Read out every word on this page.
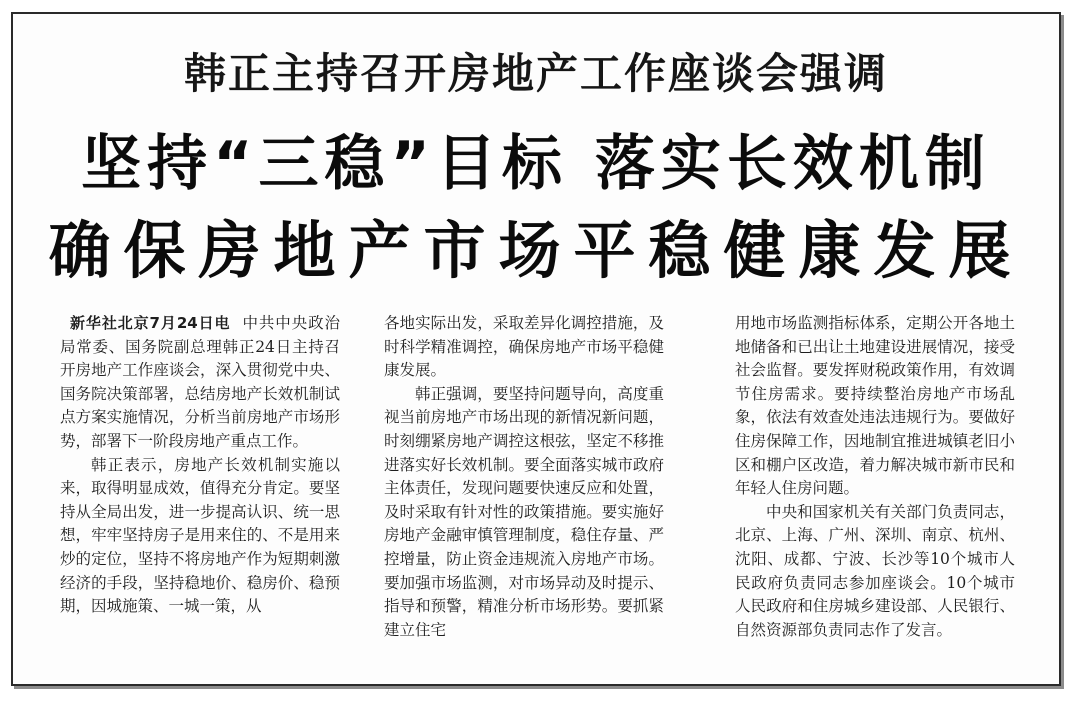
韩正主持召开房地产工作座谈会强调
坚持“三稳”目标 落实长效机制
确保房地产市场平稳健康发展

新华社北京7月24日电 中共中央政治局常委、国务院副总理韩正24日主持召开房地产工作座谈会，深入贯彻党中央、国务院决策部署，总结房地产长效机制试点方案实施情况，分析当前房地产市场形势，部署下一阶段房地产重点工作。

韩正表示，房地产长效机制实施以来，取得明显成效，值得充分肯定。要坚持从全局出发，进一步提高认识、统一思想，牢牢坚持房子是用来住的、不是用来炒的定位，坚持不将房地产作为短期刺激经济的手段，坚持稳地价、稳房价、稳预期，因城施策、一城一策，从

各地实际出发，采取差异化调控措施，及时科学精准调控，确保房地产市场平稳健康发展。

韩正强调，要坚持问题导向，高度重视当前房地产市场出现的新情况新问题，时刻绷紧房地产调控这根弦，坚定不移推进落实好长效机制。要全面落实城市政府主体责任，发现问题要快速反应和处置，及时采取有针对性的政策措施。要实施好房地产金融审慎管理制度，稳住存量、严控增量，防止资金违规流入房地产市场。要加强市场监测，对市场异动及时提示、指导和预警，精准分析市场形势。要抓紧建立住宅

用地市场监测指标体系，定期公开各地土地储备和已出让土地建设进展情况，接受社会监督。要发挥财税政策作用，有效调节住房需求。要持续整治房地产市场乱象，依法有效查处违法违规行为。要做好住房保障工作，因地制宜推进城镇老旧小区和棚户区改造，着力解决城市新市民和年轻人住房问题。

中央和国家机关有关部门负责同志，北京、上海、广州、深圳、南京、杭州、沈阳、成都、宁波、长沙等10个城市人民政府负责同志参加座谈会。10个城市人民政府和住房城乡建设部、人民银行、自然资源部负责同志作了发言。
